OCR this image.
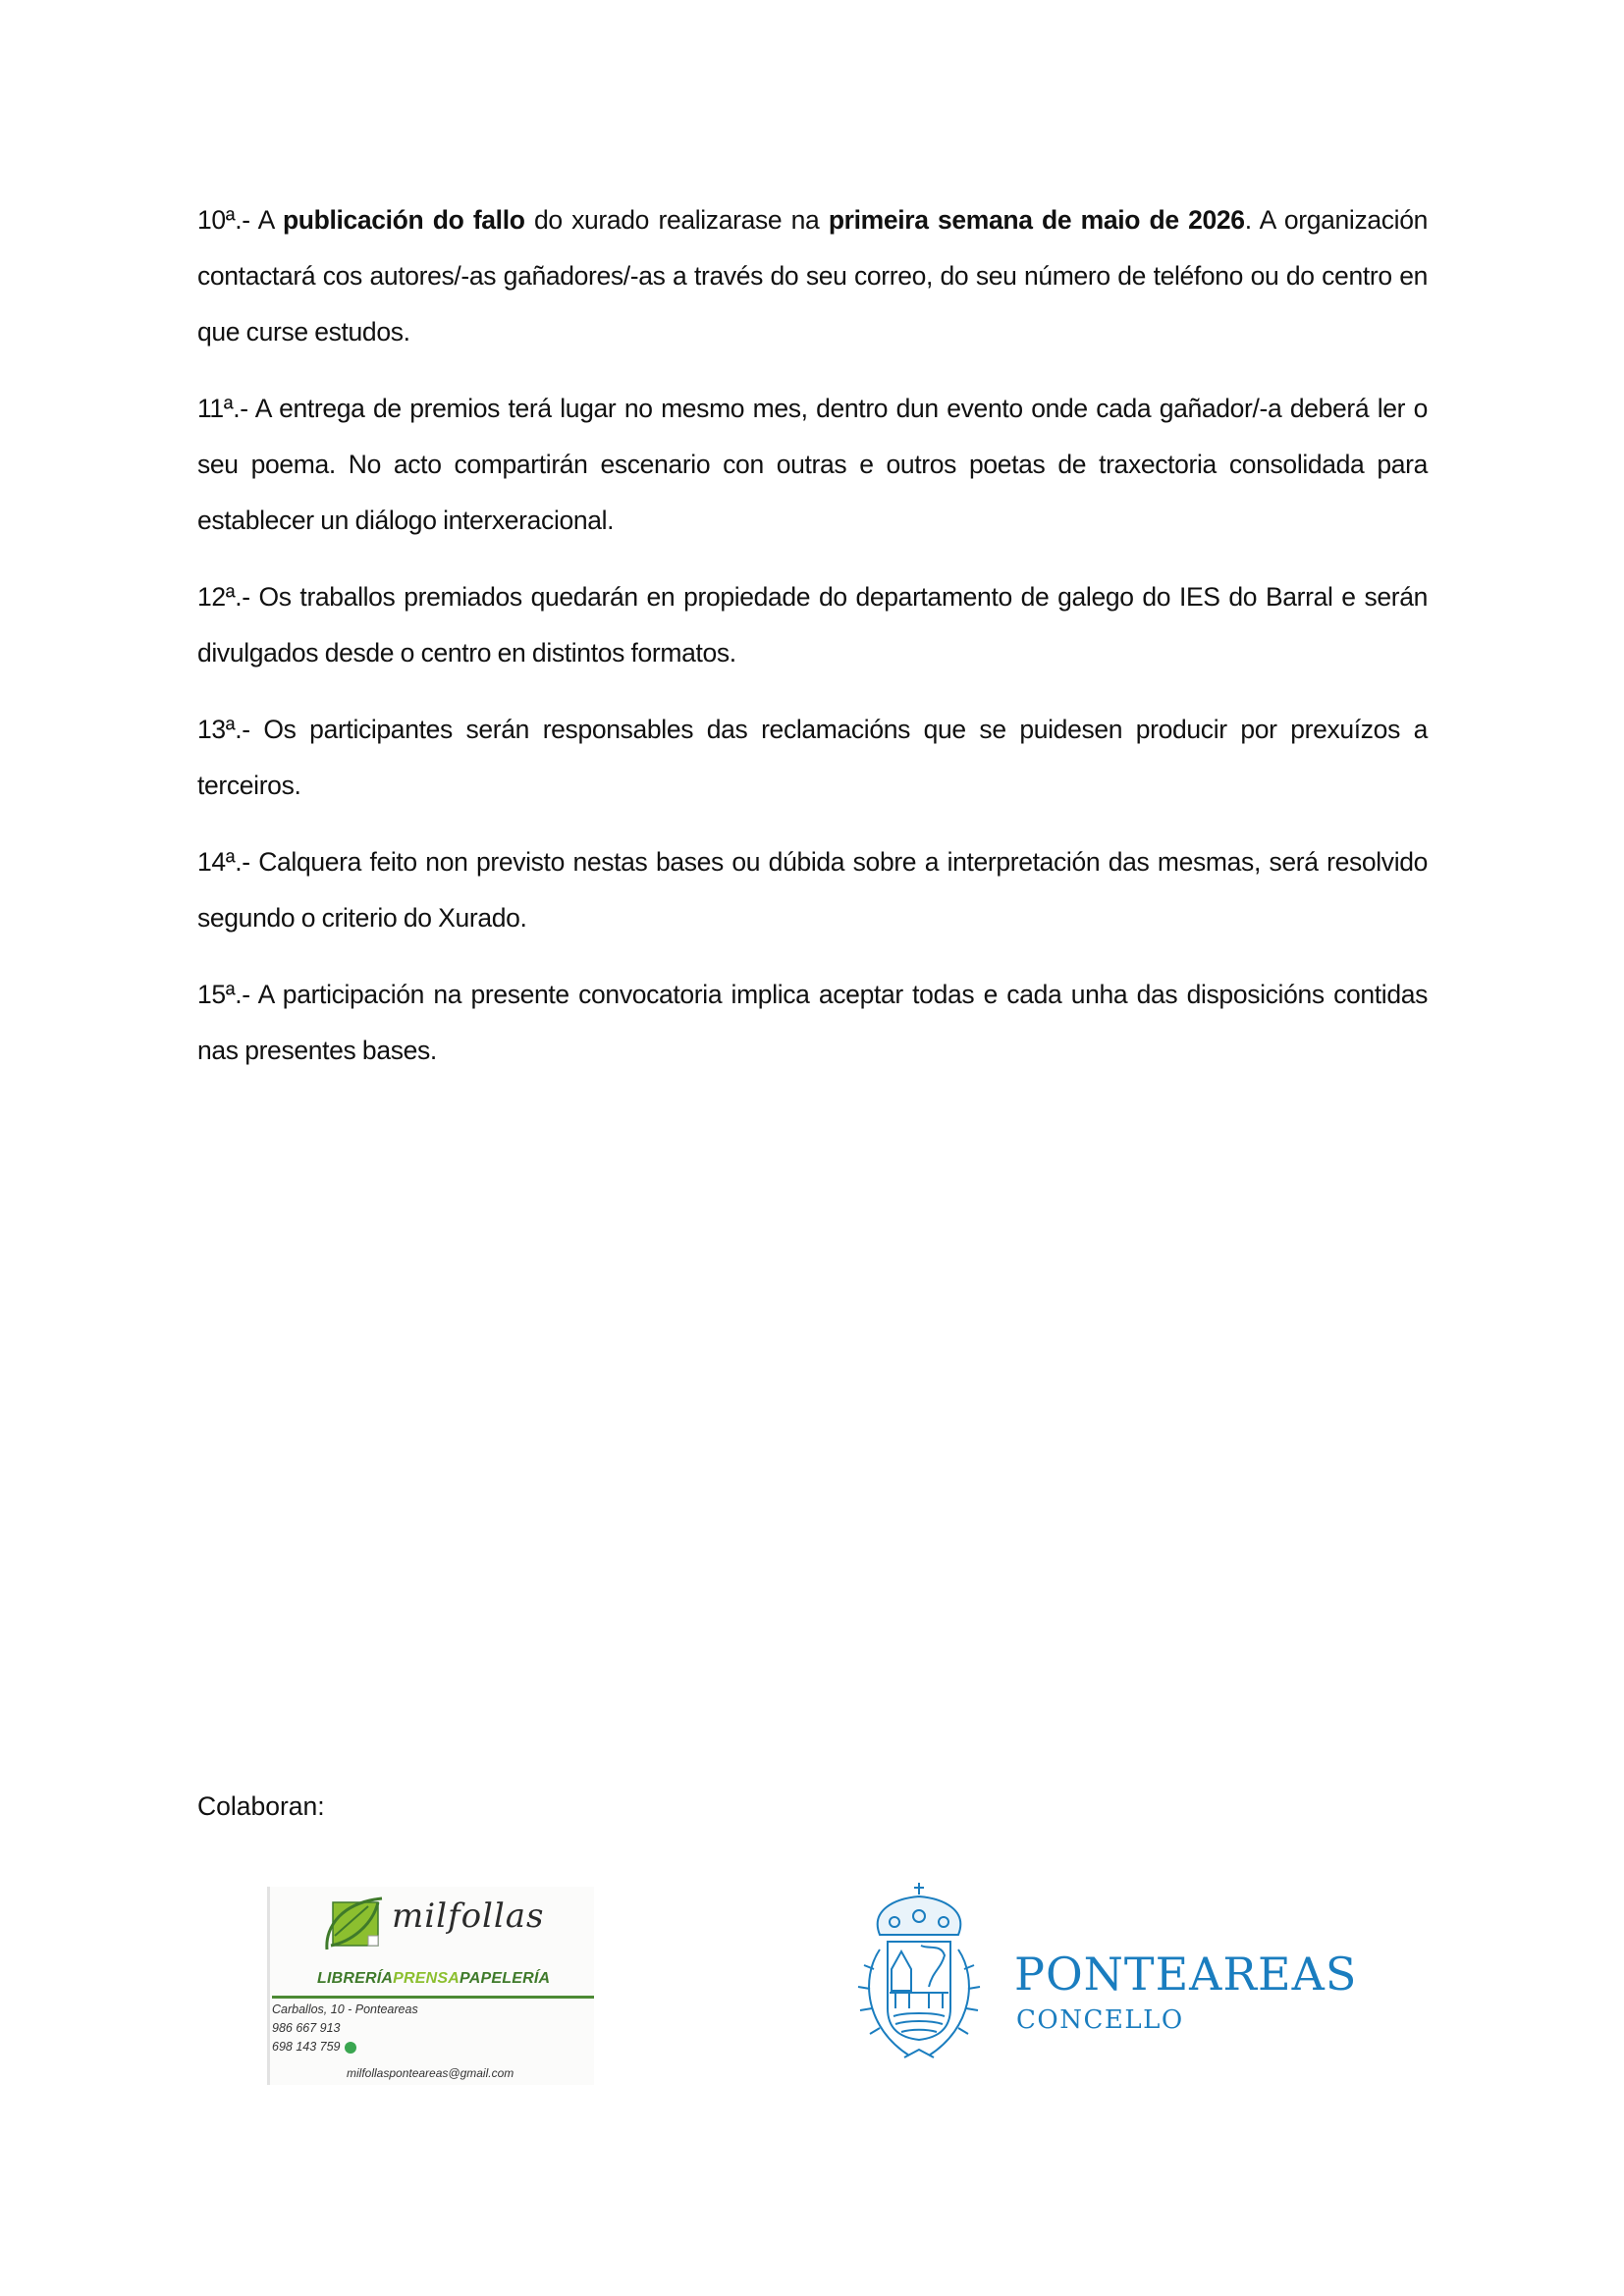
10ª.- A publicación do fallo do xurado realizarase na primeira semana de maio de 2026. A organización contactará cos autores/-as gañadores/-as a través do seu correo, do seu número de teléfono ou do centro en que curse estudos.

11ª.- A entrega de premios terá lugar no mesmo mes, dentro dun evento onde cada gañador/-a deberá ler o seu poema. No acto compartirán escenario con outras e outros poetas de traxectoria consolidada para establecer un diálogo interxeracional.

12ª.- Os traballos premiados quedarán en propiedade do departamento de galego do IES do Barral e serán divulgados desde o centro en distintos formatos.

13ª.- Os participantes serán responsables das reclamacións que se puidesen producir por prexuízos a terceiros.

14ª.- Calquera feito non previsto nestas bases ou dúbida sobre a interpretación das mesmas, será resolvido segundo o criterio do Xurado.

15ª.- A participación na presente convocatoria implica aceptar todas e cada unha das disposicións contidas nas presentes bases.

Colaboran:
milfollas
LIBRERÍAPRENSAPAPELERÍA
Carballos, 10 - Ponteareas
986 667 913
698 143 759
milfollasponteareas@gmail.com
PONTEAREAS
CONCELLO
